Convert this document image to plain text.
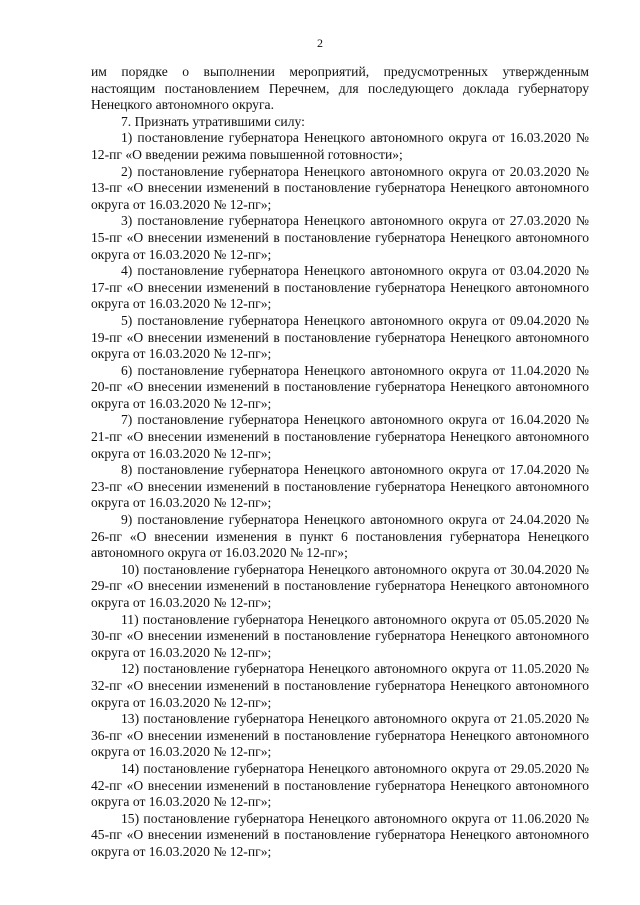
2

им порядке о выполнении мероприятий, предусмотренных утвержденным настоящим постановлением Перечнем, для последующего доклада губернатору Ненецкого автономного округа.

7. Признать утратившими силу:

1) постановление губернатора Ненецкого автономного округа от 16.03.2020 № 12-пг «О введении режима повышенной готовности»;

2) постановление губернатора Ненецкого автономного округа от 20.03.2020 № 13-пг «О внесении изменений в постановление губернатора Ненецкого автономного округа от 16.03.2020 № 12-пг»;

3) постановление губернатора Ненецкого автономного округа от 27.03.2020 № 15-пг «О внесении изменений в постановление губернатора Ненецкого автономного округа от 16.03.2020 № 12-пг»;

4) постановление губернатора Ненецкого автономного округа от 03.04.2020 № 17-пг «О внесении изменений в постановление губернатора Ненецкого автономного округа от 16.03.2020 № 12-пг»;

5) постановление губернатора Ненецкого автономного округа от 09.04.2020 № 19-пг «О внесении изменений в постановление губернатора Ненецкого автономного округа от 16.03.2020 № 12-пг»;

6) постановление губернатора Ненецкого автономного округа от 11.04.2020 № 20-пг «О внесении изменений в постановление губернатора Ненецкого автономного округа от 16.03.2020 № 12-пг»;

7) постановление губернатора Ненецкого автономного округа от 16.04.2020 № 21-пг «О внесении изменений в постановление губернатора Ненецкого автономного округа от 16.03.2020 № 12-пг»;

8) постановление губернатора Ненецкого автономного округа от 17.04.2020 № 23-пг «О внесении изменений в постановление губернатора Ненецкого автономного округа от 16.03.2020 № 12-пг»;

9) постановление губернатора Ненецкого автономного округа от 24.04.2020 № 26-пг «О внесении изменения в пункт 6 постановления губернатора Ненецкого автономного округа от 16.03.2020 № 12-пг»;

10) постановление губернатора Ненецкого автономного округа от 30.04.2020 № 29-пг «О внесении изменений в постановление губернатора Ненецкого автономного округа от 16.03.2020 № 12-пг»;

11) постановление губернатора Ненецкого автономного округа от 05.05.2020 № 30-пг «О внесении изменений в постановление губернатора Ненецкого автономного округа от 16.03.2020 № 12-пг»;

12) постановление губернатора Ненецкого автономного округа от 11.05.2020 № 32-пг «О внесении изменений в постановление губернатора Ненецкого автономного округа от 16.03.2020 № 12-пг»;

13) постановление губернатора Ненецкого автономного округа от 21.05.2020 № 36-пг «О внесении изменений в постановление губернатора Ненецкого автономного округа от 16.03.2020 № 12-пг»;

14) постановление губернатора Ненецкого автономного округа от 29.05.2020 № 42-пг «О внесении изменений в постановление губернатора Ненецкого автономного округа от 16.03.2020 № 12-пг»;

15) постановление губернатора Ненецкого автономного округа от 11.06.2020 № 45-пг «О внесении изменений в постановление губернатора Ненецкого автономного округа от 16.03.2020 № 12-пг»;
